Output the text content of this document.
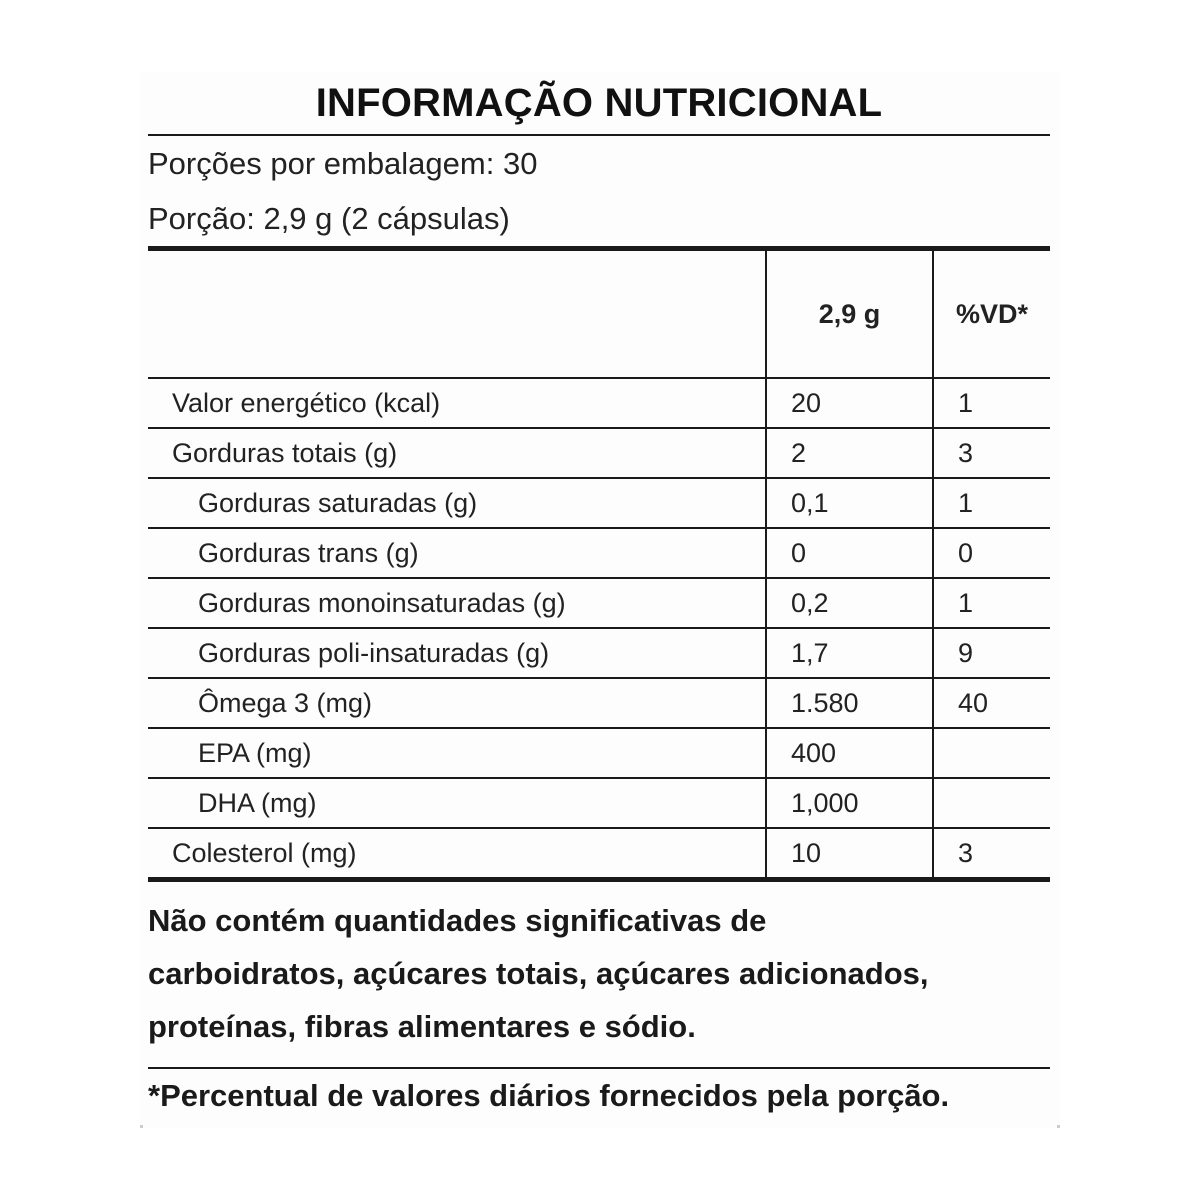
INFORMAÇÃO NUTRICIONAL
Porções por embalagem: 30
Porção: 2,9 g (2 cápsulas)
	2,9 g	%VD*
Valor energético (kcal)	20	1
Gorduras totais (g)	2	3
Gorduras saturadas (g)	0,1	1
Gorduras trans (g)	0	0
Gorduras monoinsaturadas (g)	0,2	1
Gorduras poli-insaturadas (g)	1,7	9
Ômega 3 (mg)	1.580	40
EPA (mg)	400	
DHA (mg)	1,000	
Colesterol (mg)	10	3
Não contém quantidades significativas de
carboidratos, açúcares totais, açúcares adicionados,
proteínas, fibras alimentares e sódio.
*Percentual de valores diários fornecidos pela porção.
